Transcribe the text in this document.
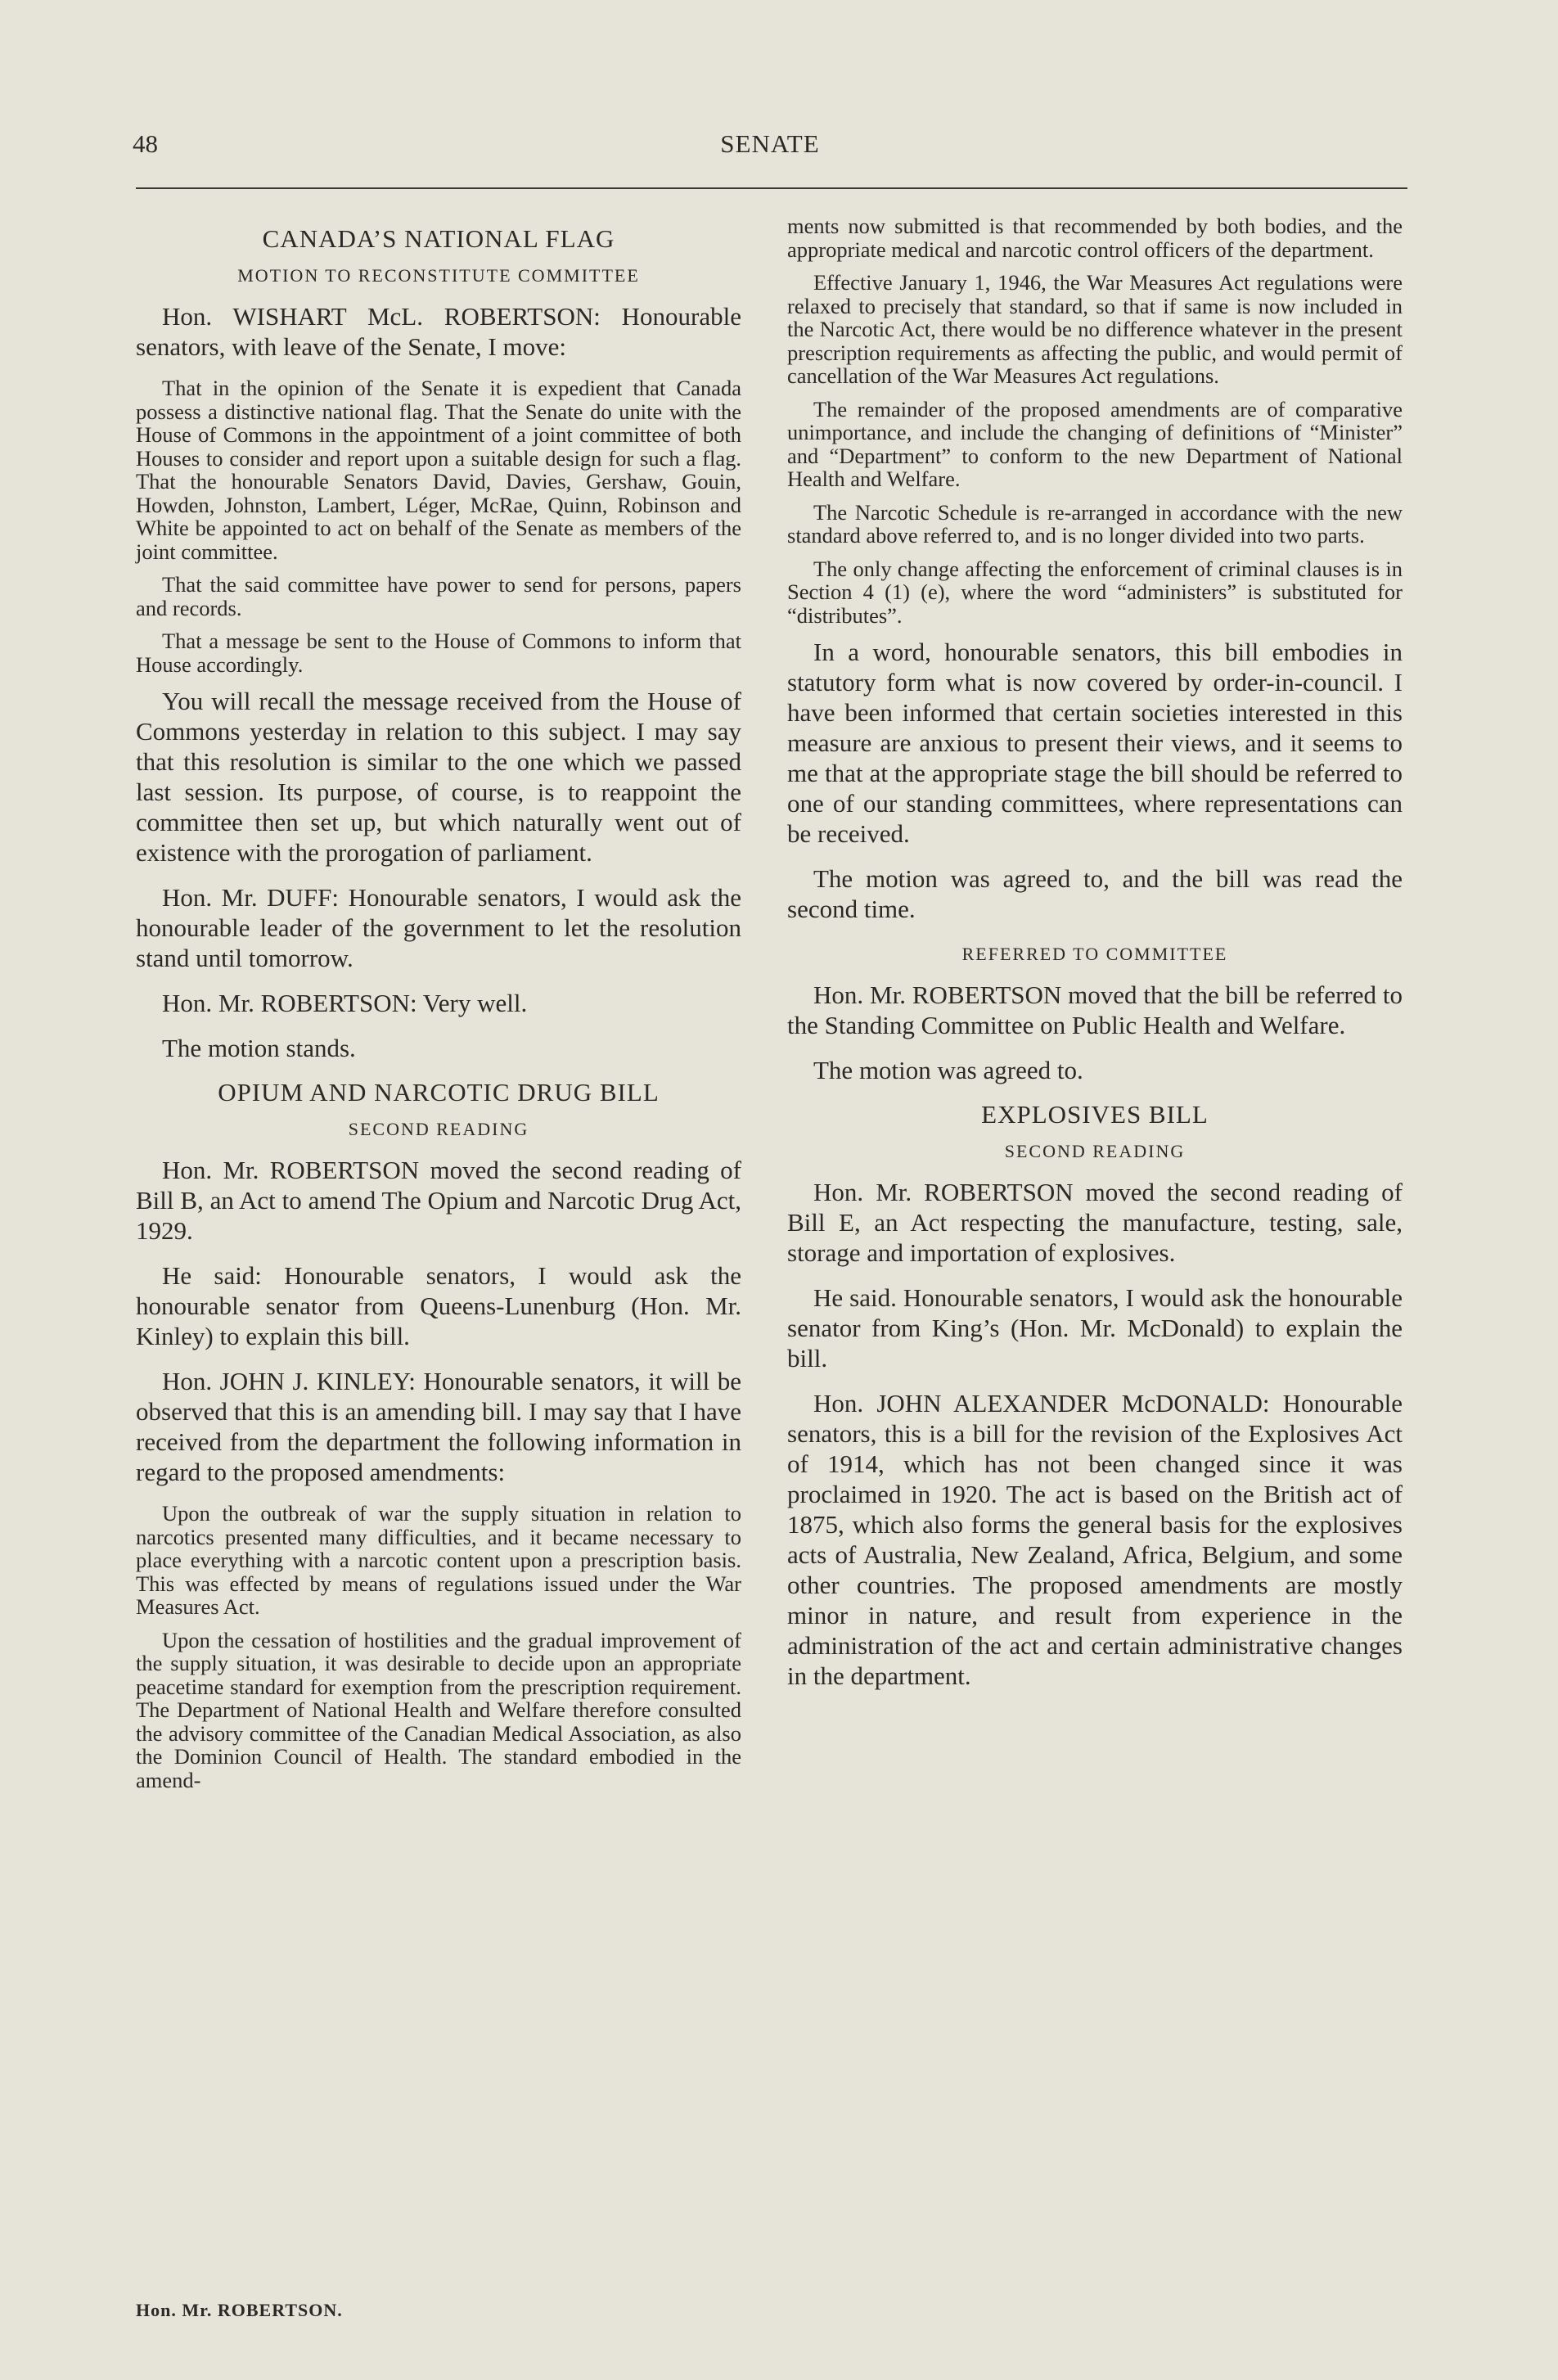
48	SENATE
CANADA’S NATIONAL FLAG
MOTION TO RECONSTITUTE COMMITTEE

Hon. WISHART McL. ROBERTSON: Honourable senators, with leave of the Senate, I move:

That in the opinion of the Senate it is expedient that Canada possess a distinctive national flag. That the Senate do unite with the House of Commons in the appointment of a joint committee of both Houses to consider and report upon a suitable design for such a flag. That the honourable Senators David, Davies, Gershaw, Gouin, Howden, Johnston, Lambert, Léger, McRae, Quinn, Robinson and White be appointed to act on behalf of the Senate as members of the joint committee.

That the said committee have power to send for persons, papers and records.

That a message be sent to the House of Commons to inform that House accordingly.

You will recall the message received from the House of Commons yesterday in relation to this subject. I may say that this resolution is similar to the one which we passed last session. Its purpose, of course, is to reappoint the committee then set up, but which naturally went out of existence with the prorogation of parliament.

Hon. Mr. DUFF: Honourable senators, I would ask the honourable leader of the government to let the resolution stand until tomorrow.

Hon. Mr. ROBERTSON: Very well.

The motion stands.

OPIUM AND NARCOTIC DRUG BILL
SECOND READING

Hon. Mr. ROBERTSON moved the second reading of Bill B, an Act to amend The Opium and Narcotic Drug Act, 1929.

He said: Honourable senators, I would ask the honourable senator from Queens-Lunenburg (Hon. Mr. Kinley) to explain this bill.

Hon. JOHN J. KINLEY: Honourable senators, it will be observed that this is an amending bill. I may say that I have received from the department the following information in regard to the proposed amendments:

Upon the outbreak of war the supply situation in relation to narcotics presented many difficulties, and it became necessary to place everything with a narcotic content upon a prescription basis. This was effected by means of regulations issued under the War Measures Act.

Upon the cessation of hostilities and the gradual improvement of the supply situation, it was desirable to decide upon an appropriate peacetime standard for exemption from the prescription requirement. The Department of National Health and Welfare therefore consulted the advisory committee of the Canadian Medical Association, as also the Dominion Council of Health. The standard embodied in the amend-

ments now submitted is that recommended by both bodies, and the appropriate medical and narcotic control officers of the department.

Effective January 1, 1946, the War Measures Act regulations were relaxed to precisely that standard, so that if same is now included in the Narcotic Act, there would be no difference whatever in the present prescription requirements as affecting the public, and would permit of cancellation of the War Measures Act regulations.

The remainder of the proposed amendments are of comparative unimportance, and include the changing of definitions of “Minister” and “Department” to conform to the new Department of National Health and Welfare.

The Narcotic Schedule is re-arranged in accordance with the new standard above referred to, and is no longer divided into two parts.

The only change affecting the enforcement of criminal clauses is in Section 4 (1) (e), where the word “administers” is substituted for “distributes”.

In a word, honourable senators, this bill embodies in statutory form what is now covered by order-in-council. I have been informed that certain societies interested in this measure are anxious to present their views, and it seems to me that at the appropriate stage the bill should be referred to one of our standing committees, where representations can be received.

The motion was agreed to, and the bill was read the second time.

REFERRED TO COMMITTEE

Hon. Mr. ROBERTSON moved that the bill be referred to the Standing Committee on Public Health and Welfare.

The motion was agreed to.

EXPLOSIVES BILL
SECOND READING

Hon. Mr. ROBERTSON moved the second reading of Bill E, an Act respecting the manufacture, testing, sale, storage and importation of explosives.

He said. Honourable senators, I would ask the honourable senator from King’s (Hon. Mr. McDonald) to explain the bill.

Hon. JOHN ALEXANDER McDONALD: Honourable senators, this is a bill for the revision of the Explosives Act of 1914, which has not been changed since it was proclaimed in 1920. The act is based on the British act of 1875, which also forms the general basis for the explosives acts of Australia, New Zealand, Africa, Belgium, and some other countries. The proposed amendments are mostly minor in nature, and result from experience in the administration of the act and certain administrative changes in the department.

Hon. Mr. ROBERTSON.
